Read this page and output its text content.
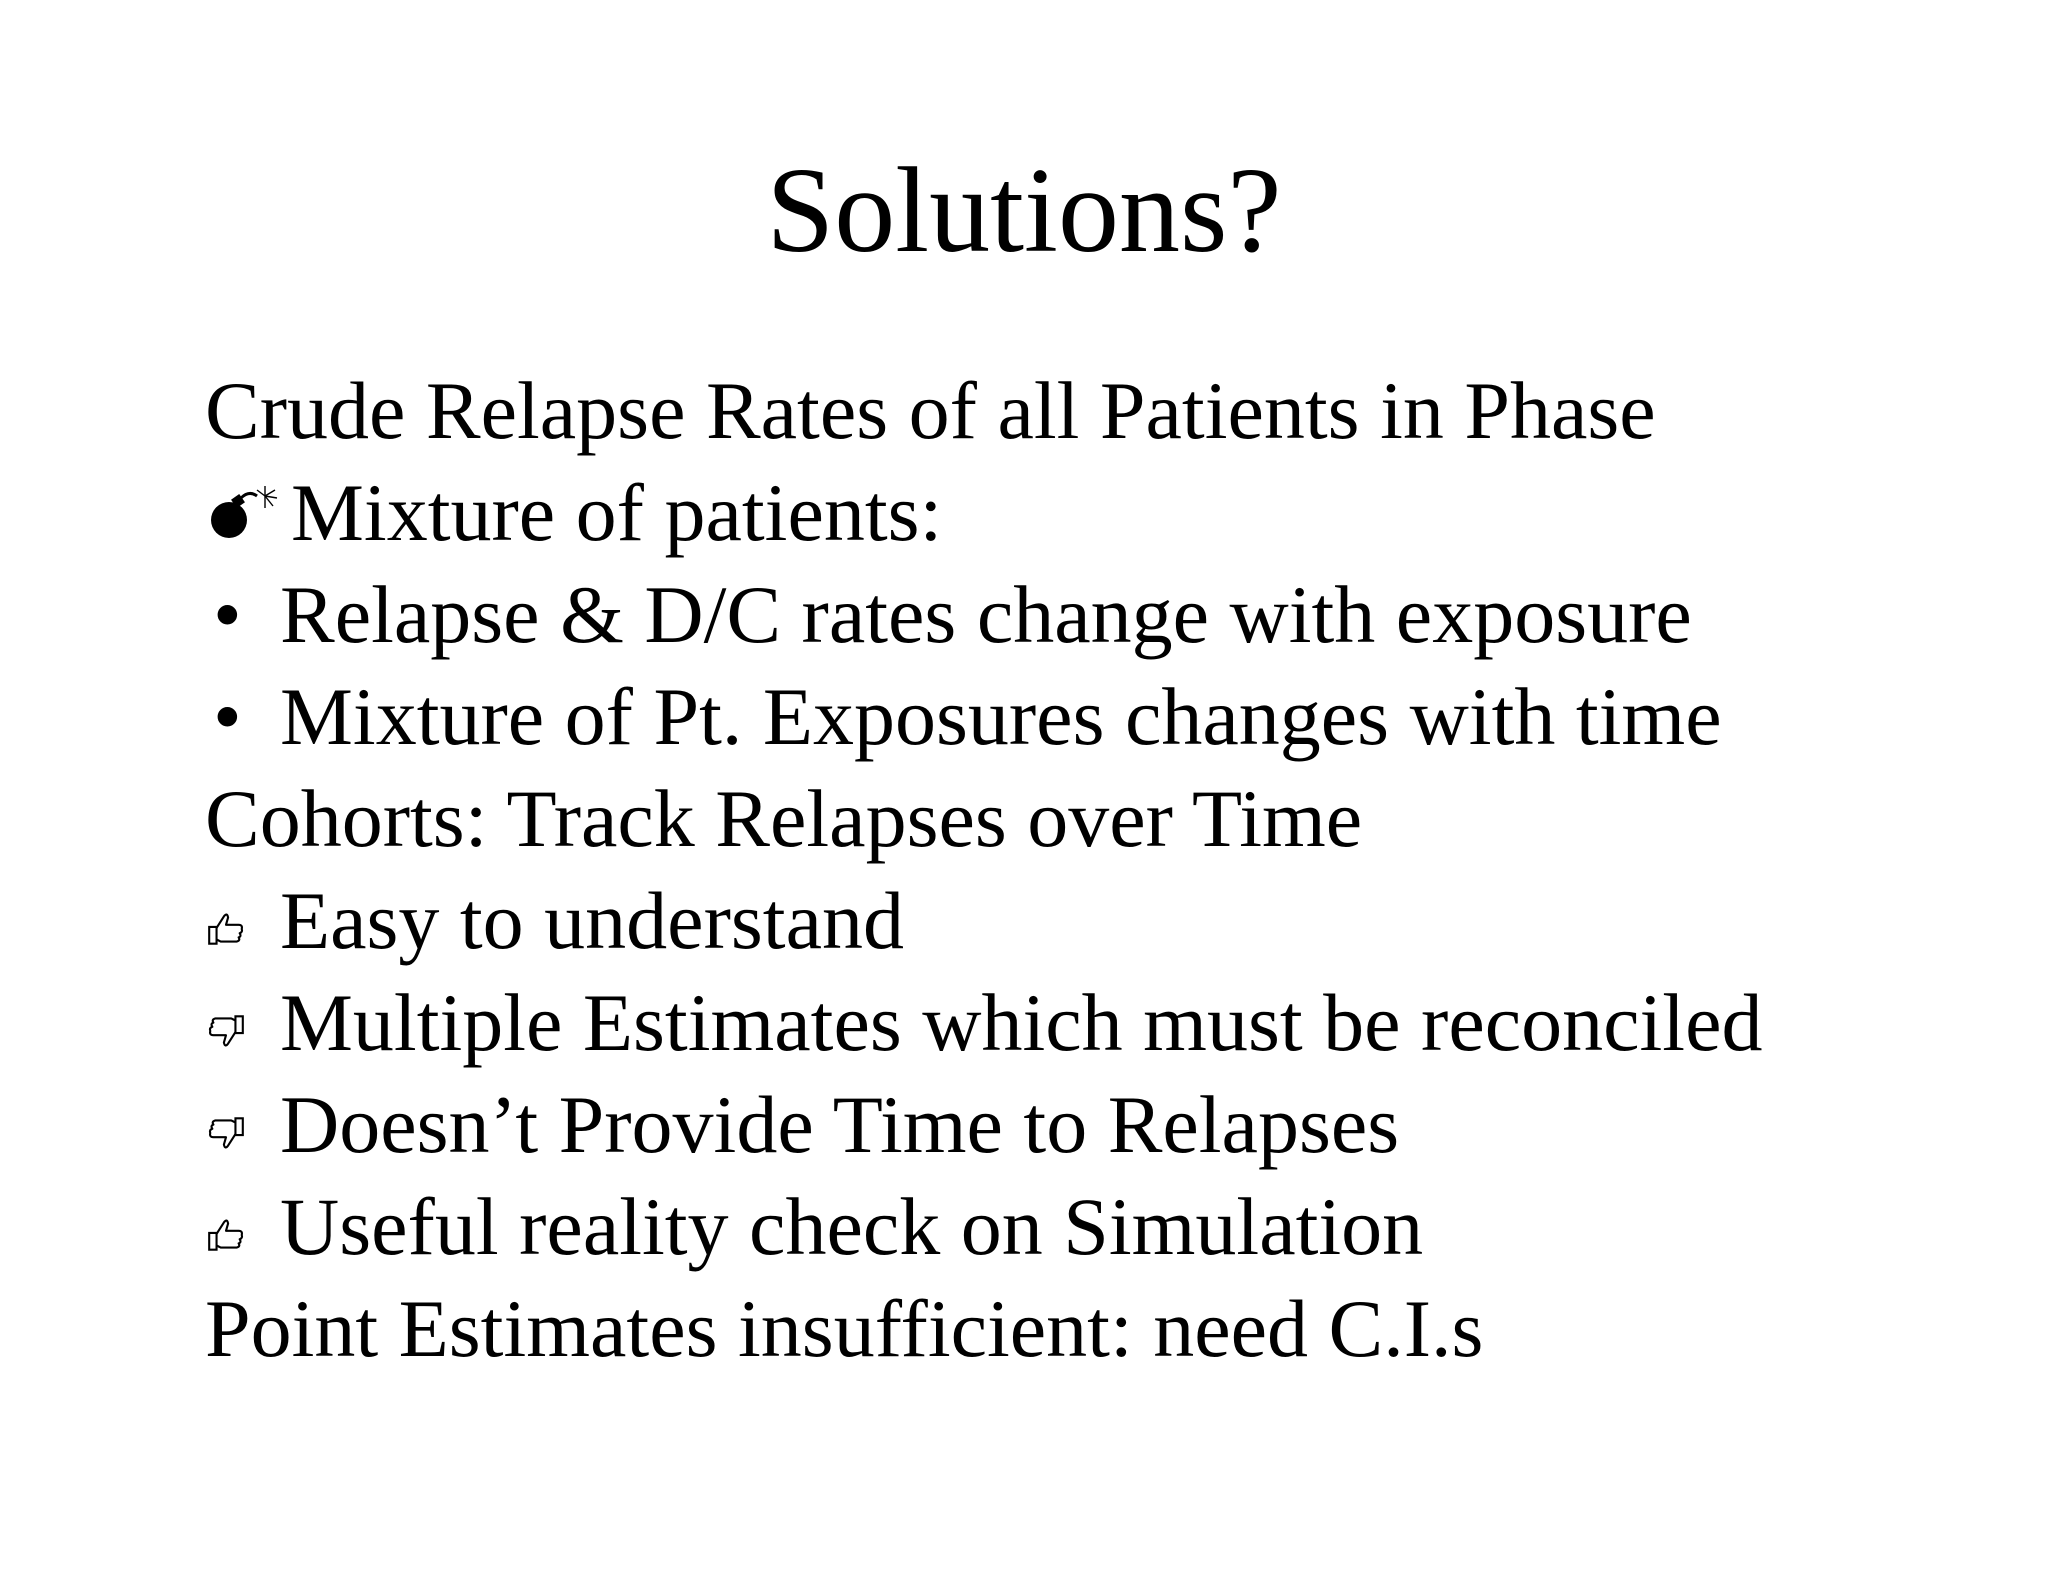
Solutions?
Crude Relapse Rates of all Patients in Phase
Mixture of patients:
• Relapse & D/C rates change with exposure
• Mixture of Pt. Exposures changes with time
Cohorts: Track Relapses over Time
Easy to understand
Multiple Estimates which must be reconciled
Doesn’t Provide Time to Relapses
Useful reality check on Simulation
Point Estimates insufficient: need C.I.s
